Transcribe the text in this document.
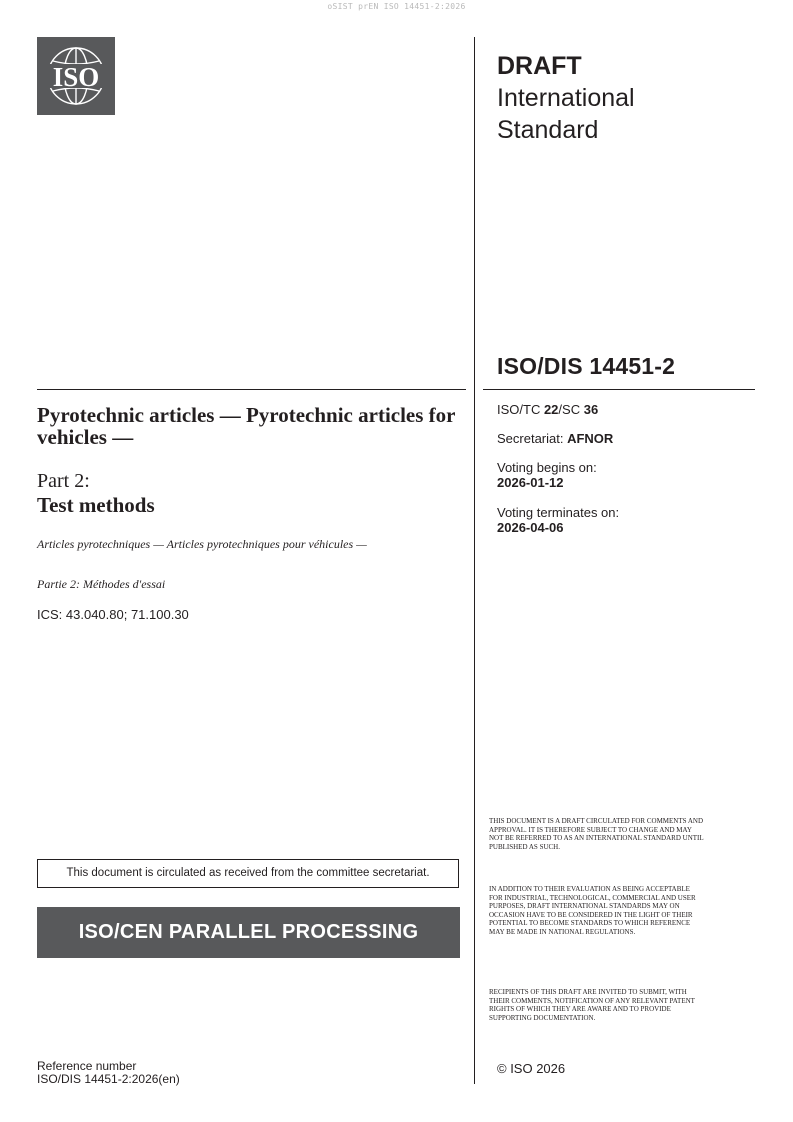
oSIST prEN ISO 14451-2:2026
ISO	DRAFT
International
Standard
ISO/DIS 14451-2
ISO/TC 22/SC 36
Secretariat: AFNOR
Voting begins on:
2026-01-12
Voting terminates on:
2026-04-06
Pyrotechnic articles — Pyrotechnic articles for vehicles —
Part 2:
Test methods
Articles pyrotechniques — Articles pyrotechniques pour véhicules —
Partie 2: Méthodes d'essai
ICS: 43.040.80; 71.100.30
THIS DOCUMENT IS A DRAFT CIRCULATED FOR COMMENTS AND APPROVAL. IT IS THEREFORE SUBJECT TO CHANGE AND MAY NOT BE REFERRED TO AS AN INTERNATIONAL STANDARD UNTIL PUBLISHED AS SUCH.
IN ADDITION TO THEIR EVALUATION AS BEING ACCEPTABLE FOR INDUSTRIAL, TECHNOLOGICAL, COMMERCIAL AND USER PURPOSES, DRAFT INTERNATIONAL STANDARDS MAY ON OCCASION HAVE TO BE CONSIDERED IN THE LIGHT OF THEIR POTENTIAL TO BECOME STANDARDS TO WHICH REFERENCE MAY BE MADE IN NATIONAL REGULATIONS.
RECIPIENTS OF THIS DRAFT ARE INVITED TO SUBMIT, WITH THEIR COMMENTS, NOTIFICATION OF ANY RELEVANT PATENT RIGHTS OF WHICH THEY ARE AWARE AND TO PROVIDE SUPPORTING DOCUMENTATION.
This document is circulated as received from the committee secretariat.
ISO/CEN PARALLEL PROCESSING
Reference number
ISO/DIS 14451-2:2026(en)
© ISO 2026
